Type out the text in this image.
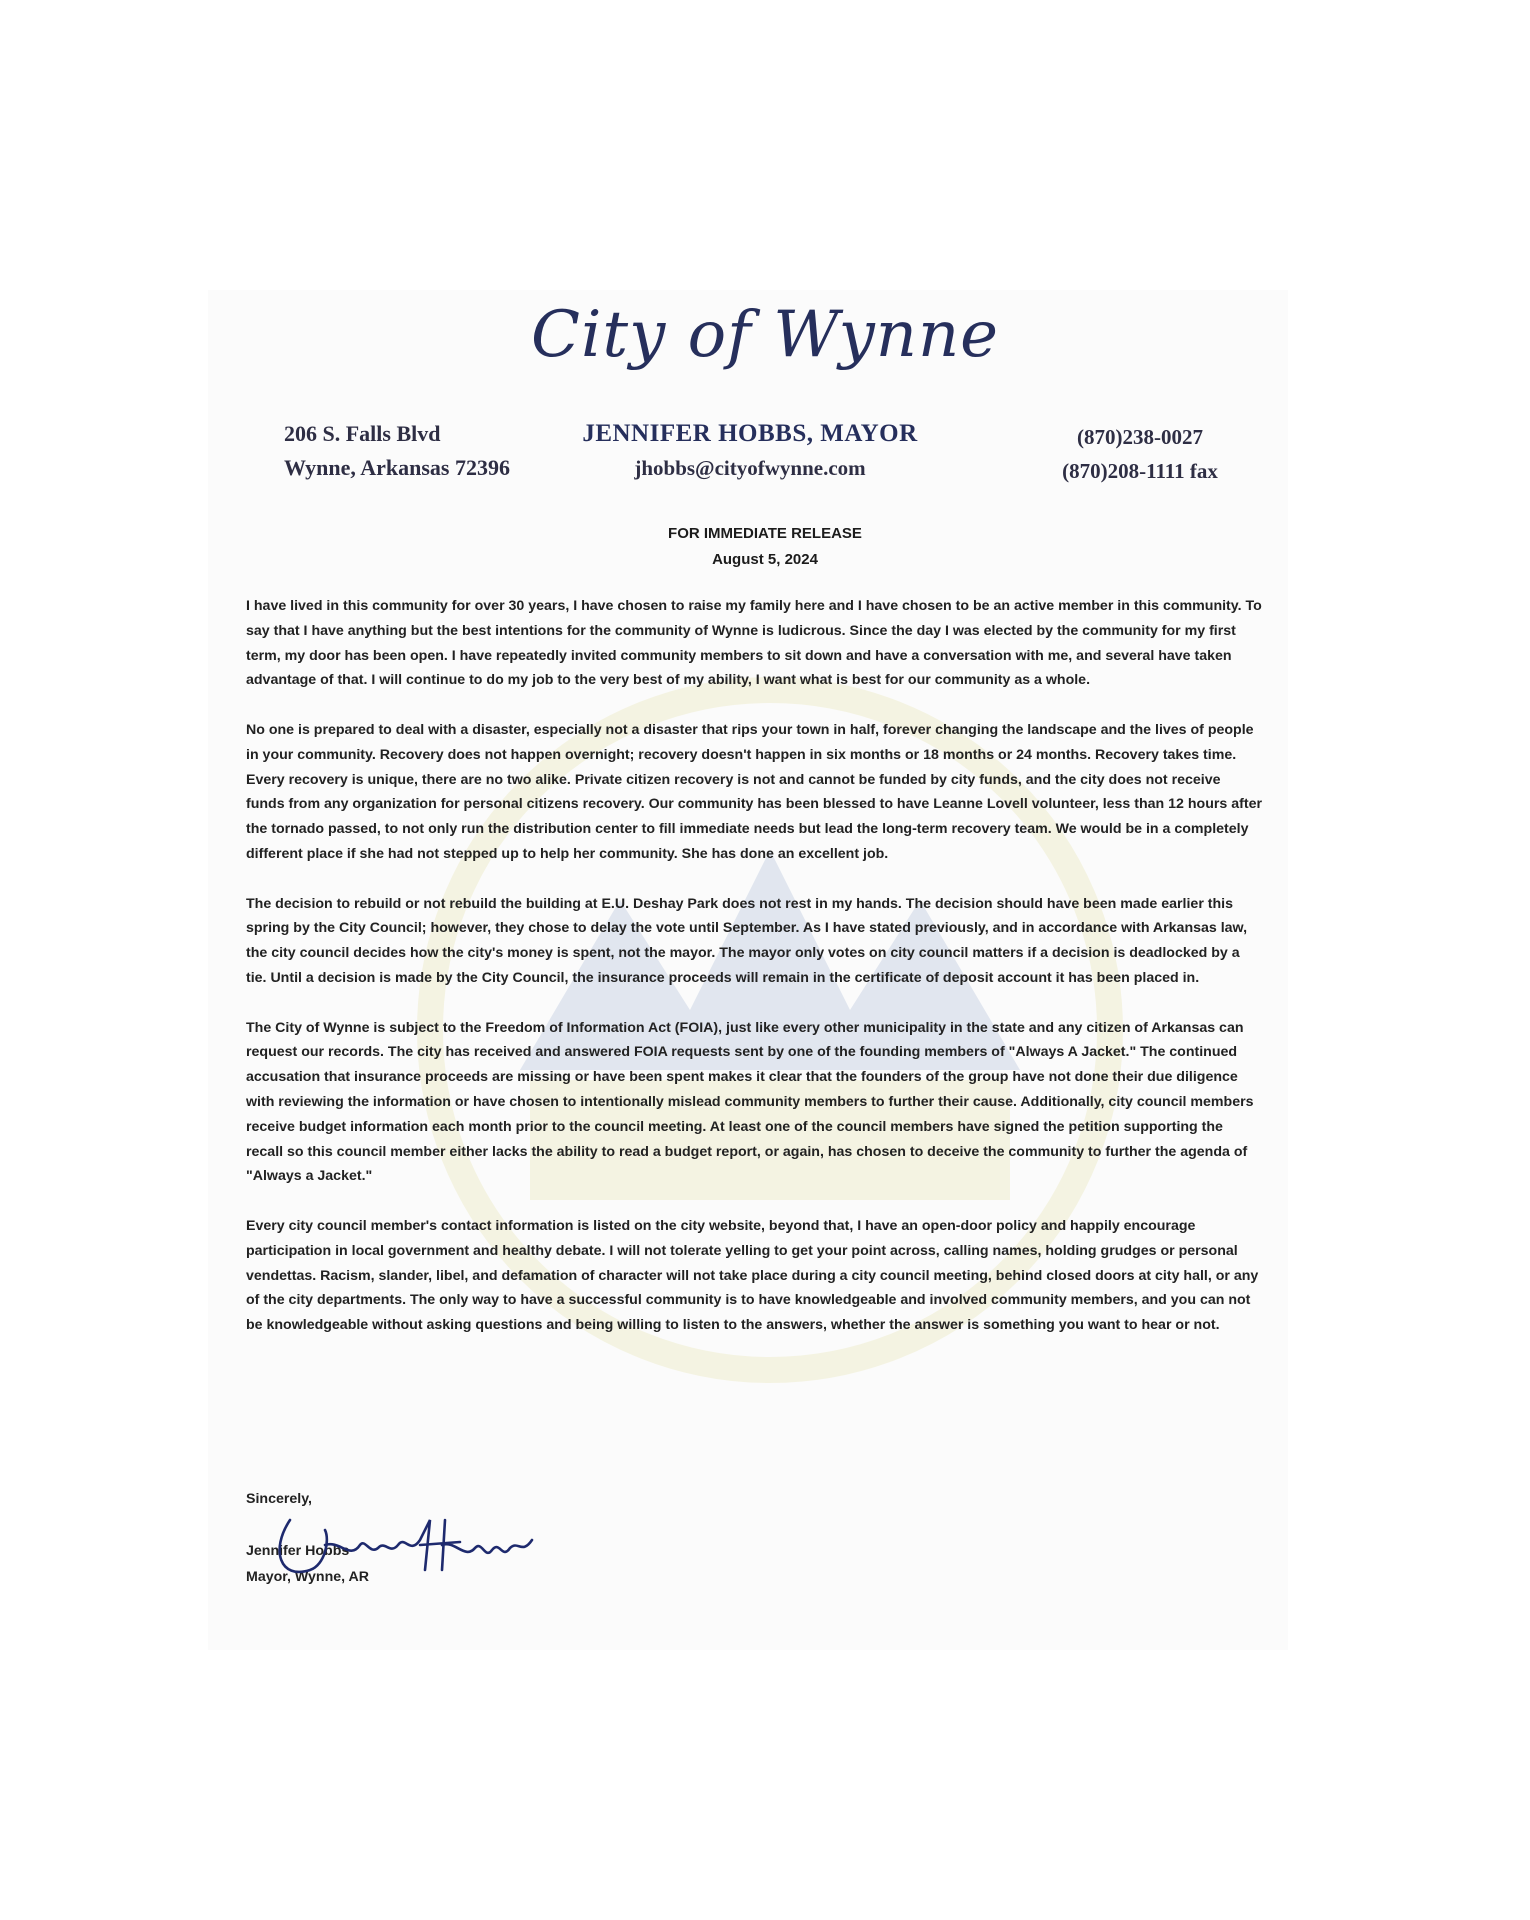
City of Wynne
206 S. Falls Blvd
Wynne, Arkansas 72396
JENNIFER HOBBS, MAYOR
jhobbs@cityofwynne.com
(870)238-0027
(870)208-1111 fax
FOR IMMEDIATE RELEASE
August 5, 2024

I have lived in this community for over 30 years, I have chosen to raise my family here and I have chosen to be an active member in this community. To say that I have anything but the best intentions for the community of Wynne is ludicrous. Since the day I was elected by the community for my first term, my door has been open. I have repeatedly invited community members to sit down and have a conversation with me, and several have taken advantage of that. I will continue to do my job to the very best of my ability, I want what is best for our community as a whole.

No one is prepared to deal with a disaster, especially not a disaster that rips your town in half, forever changing the landscape and the lives of people in your community. Recovery does not happen overnight; recovery doesn't happen in six months or 18 months or 24 months. Recovery takes time. Every recovery is unique, there are no two alike. Private citizen recovery is not and cannot be funded by city funds, and the city does not receive funds from any organization for personal citizens recovery. Our community has been blessed to have Leanne Lovell volunteer, less than 12 hours after the tornado passed, to not only run the distribution center to fill immediate needs but lead the long-term recovery team. We would be in a completely different place if she had not stepped up to help her community. She has done an excellent job.

The decision to rebuild or not rebuild the building at E.U. Deshay Park does not rest in my hands. The decision should have been made earlier this spring by the City Council; however, they chose to delay the vote until September. As I have stated previously, and in accordance with Arkansas law, the city council decides how the city's money is spent, not the mayor. The mayor only votes on city council matters if a decision is deadlocked by a tie. Until a decision is made by the City Council, the insurance proceeds will remain in the certificate of deposit account it has been placed in.

The City of Wynne is subject to the Freedom of Information Act (FOIA), just like every other municipality in the state and any citizen of Arkansas can request our records. The city has received and answered FOIA requests sent by one of the founding members of "Always A Jacket." The continued accusation that insurance proceeds are missing or have been spent makes it clear that the founders of the group have not done their due diligence with reviewing the information or have chosen to intentionally mislead community members to further their cause. Additionally, city council members receive budget information each month prior to the council meeting. At least one of the council members have signed the petition supporting the recall so this council member either lacks the ability to read a budget report, or again, has chosen to deceive the community to further the agenda of "Always a Jacket."

Every city council member's contact information is listed on the city website, beyond that, I have an open-door policy and happily encourage participation in local government and healthy debate. I will not tolerate yelling to get your point across, calling names, holding grudges or personal vendettas. Racism, slander, libel, and defamation of character will not take place during a city council meeting, behind closed doors at city hall, or any of the city departments. The only way to have a successful community is to have knowledgeable and involved community members, and you can not be knowledgeable without asking questions and being willing to listen to the answers, whether the answer is something you want to hear or not.

Sincerely,
Jennifer Hobbs
Mayor, Wynne, AR
